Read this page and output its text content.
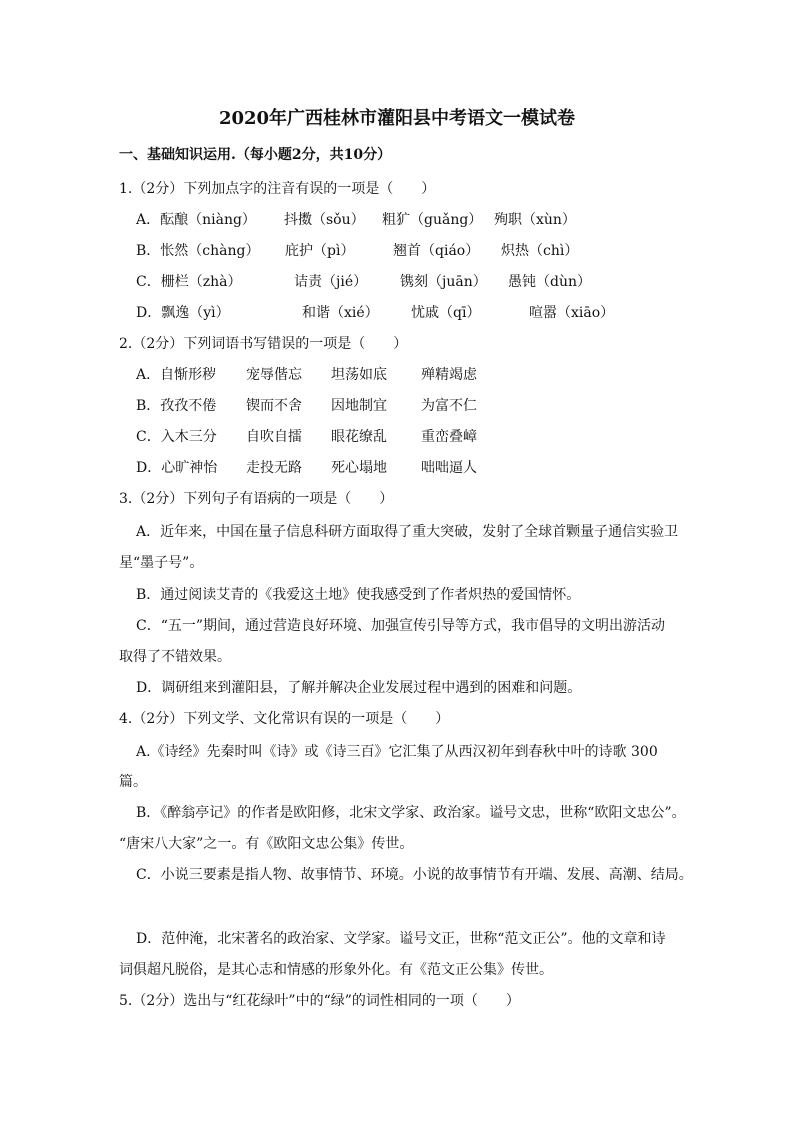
2020年广西桂林市灌阳县中考语文一模试卷
一、基础知识运用.（每小题2分，共10分）
1.（2分）下列加点字的注音有误的一项是（　　）
A．酝酿（niàng） 抖擞（sǒu） 粗犷（guǎng） 殉职（xùn）
B．怅然（chàng） 庇护（pì）	翘首（qiáo） 炽热（chì）
C．栅栏（zhà）	诘责（jié） 镌刻（juān） 愚钝（dùn）
D．飘逸（yì）	和谐（xié） 忧戚（qī）	喧嚣（xiāo）
2.（2分）下列词语书写错误的一项是（　　）
A．自惭形秽 宠辱偕忘 坦荡如底 殚精竭虑
B．孜孜不倦 锲而不舍 因地制宜 为富不仁
C．入木三分 自吹自擂 眼花缭乱 重峦叠嶂
D．心旷神怡 走投无路 死心塌地 咄咄逼人
3.（2分）下列句子有语病的一项是（　　）
A．近年来，中国在量子信息科研方面取得了重大突破，发射了全球首颗量子通信实验卫
星“墨子号”。
B．通过阅读艾青的《我爱这土地》使我感受到了作者炽热的爱国情怀。
C．“五一”期间，通过营造良好环境、加强宣传引导等方式，我市倡导的文明出游活动
取得了不错效果。
D．调研组来到灌阳县，了解并解决企业发展过程中遇到的困难和问题。
4.（2分）下列文学、文化常识有误的一项是（　　）
A.《诗经》先秦时叫《诗》或《诗三百》它汇集了从西汉初年到春秋中叶的诗歌 300
篇。
B．《醉翁亭记》的作者是欧阳修，北宋文学家、政治家。谥号文忠，世称“欧阳文忠公”。
“唐宋八大家”之一。有《欧阳文忠公集》传世。
C．小说三要素是指人物、故事情节、环境。小说的故事情节有开端、发展、高潮、结局。
D．范仲淹，北宋著名的政治家、文学家。谥号文正，世称“范文正公”。他的文章和诗
词俱超凡脱俗，是其心志和情感的形象外化。有《范文正公集》传世。
5.（2分）选出与“红花绿叶”中的“绿”的词性相同的一项（　　）
